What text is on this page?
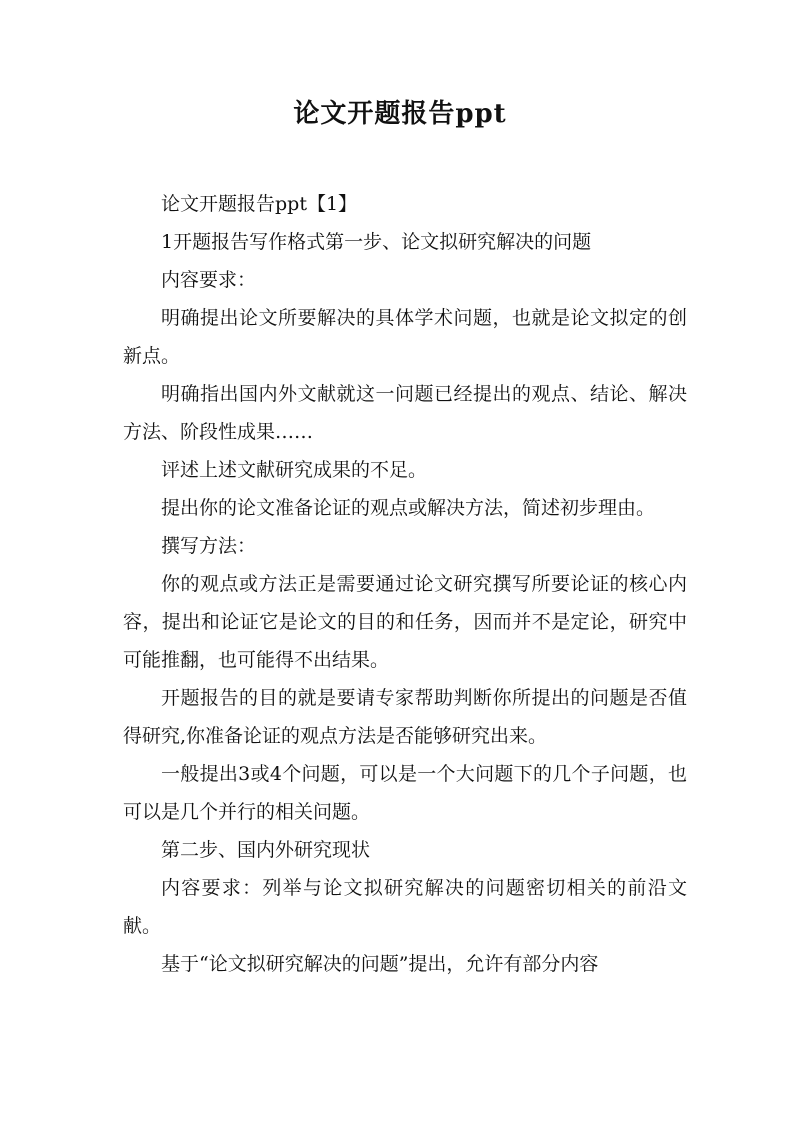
论文开题报告ppt

论文开题报告ppt【1】

1开题报告写作格式第一步、论文拟研究解决的问题

内容要求：

明确提出论文所要解决的具体学术问题，也就是论文拟定的创新点。

明确指出国内外文献就这一问题已经提出的观点、结论、解决方法、阶段性成果……

评述上述文献研究成果的不足。

提出你的论文准备论证的观点或解决方法，简述初步理由。

撰写方法：

你的观点或方法正是需要通过论文研究撰写所要论证的核心内容，提出和论证它是论文的目的和任务，因而并不是定论，研究中可能推翻，也可能得不出结果。

开题报告的目的就是要请专家帮助判断你所提出的问题是否值得研究,你准备论证的观点方法是否能够研究出来。

一般提出3或4个问题，可以是一个大问题下的几个子问题，也可以是几个并行的相关问题。

第二步、国内外研究现状

内容要求：列举与论文拟研究解决的问题密切相关的前沿文献。

基于“论文拟研究解决的问题”提出，允许有部分内容
